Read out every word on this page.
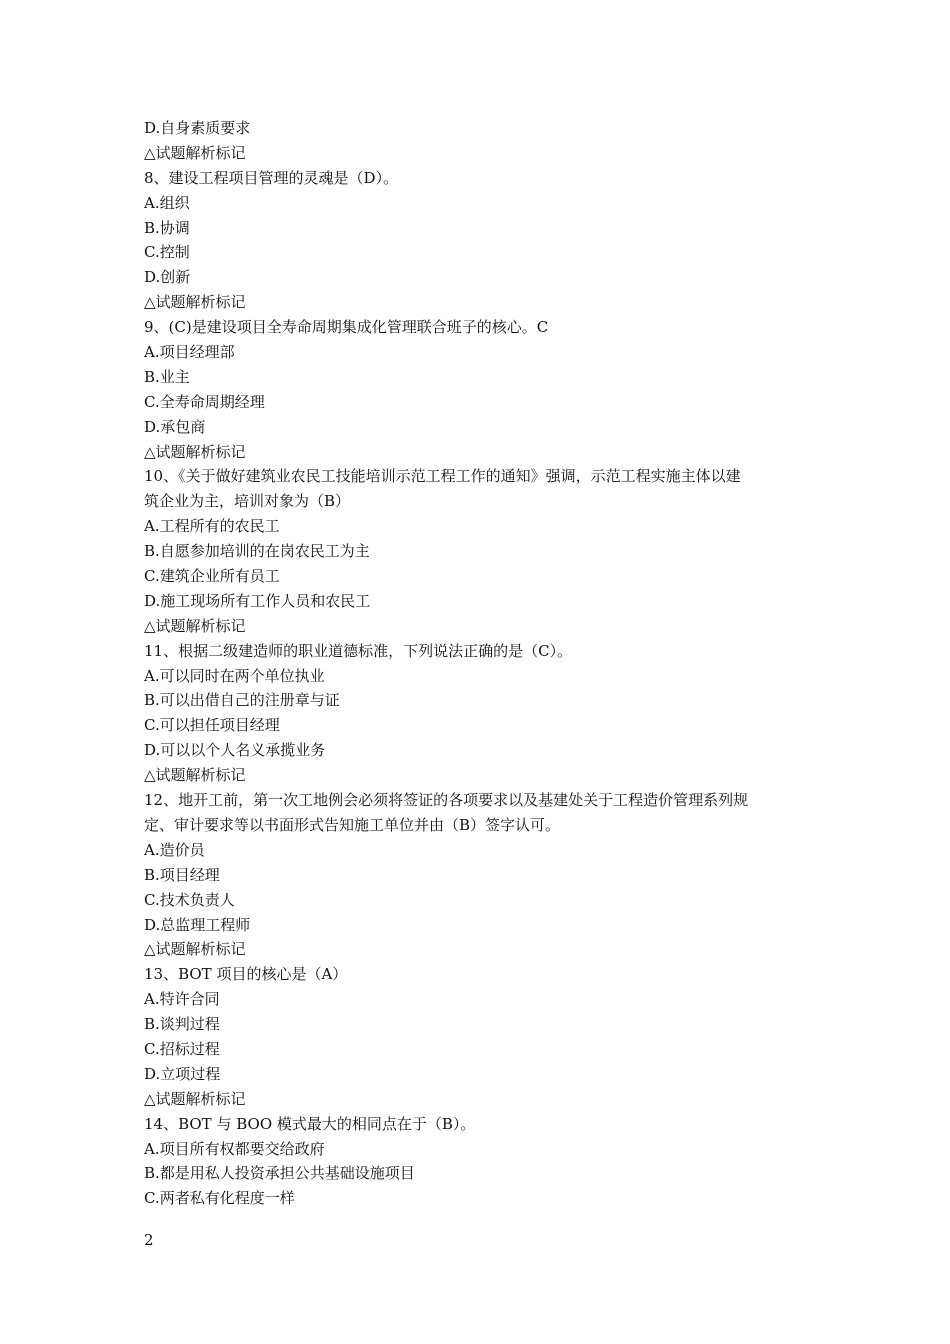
D.自身素质要求
△试题解析标记
8、建设工程项目管理的灵魂是（D）。
A.组织
B.协调
C.控制
D.创新
△试题解析标记
9、(C)是建设项目全寿命周期集成化管理联合班子的核心。C
A.项目经理部
B.业主
C.全寿命周期经理
D.承包商
△试题解析标记
10、《关于做好建筑业农民工技能培训示范工程工作的通知》强调，示范工程实施主体以建
筑企业为主，培训对象为（B）
A.工程所有的农民工
B.自愿参加培训的在岗农民工为主
C.建筑企业所有员工
D.施工现场所有工作人员和农民工
△试题解析标记
11、根据二级建造师的职业道德标准，下列说法正确的是（C）。
A.可以同时在两个单位执业
B.可以出借自己的注册章与证
C.可以担任项目经理
D.可以以个人名义承揽业务
△试题解析标记
12、地开工前，第一次工地例会必须将签证的各项要求以及基建处关于工程造价管理系列规
定、审计要求等以书面形式告知施工单位并由（B）签字认可。
A.造价员
B.项目经理
C.技术负责人
D.总监理工程师
△试题解析标记
13、BOT 项目的核心是（A）
A.特许合同
B.谈判过程
C.招标过程
D.立项过程
△试题解析标记
14、BOT 与 BOO 模式最大的相同点在于（B）。
A.项目所有权都要交给政府
B.都是用私人投资承担公共基础设施项目
C.两者私有化程度一样
2
